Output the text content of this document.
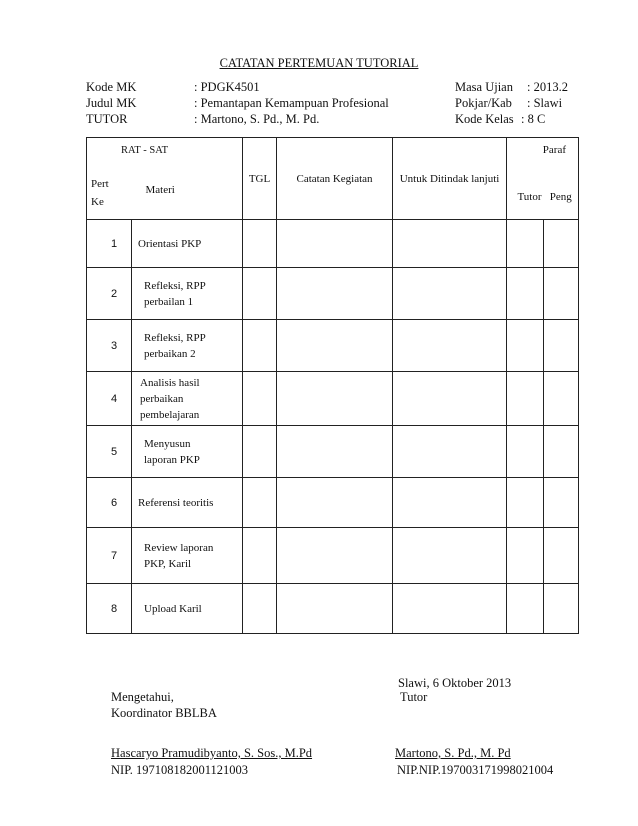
CATATAN PERTEMUAN TUTORIAL
Kode MK	: PDGK4501
Judul MK	: Pemantapan Kemampuan Profesional
TUTOR	: Martono, S. Pd., M. Pd.
Masa Ujian : 2013.2
Pokjar/Kab : Slawi
Kode Kelas : 8 C
RAT - SAT		TGL	Catatan Kegiatan	Untuk Ditindak lanjuti	Paraf	

Pert
Ke	Materi				Tutor	Peng
1	Orientasi PKP					

2	Refleksi, RPP
perbailan 1					

3	Refleksi, RPP
perbaikan 2					

4	Analisis hasil
perbaikan
pembelajaran					

5	Menyusun
laporan PKP					

6	Referensi teoritis					

7	Review laporan
PKP, Karil					

8	Upload Karil					

Slawi, 6 Oktober 2013
Tutor
Mengetahui,
Koordinator BBLBA
Hascaryo Pramudibyanto, S. Sos., M.Pd
NIP. 197108182001121003
Martono, S. Pd., M. Pd
NIP.NIP.197003171998021004
